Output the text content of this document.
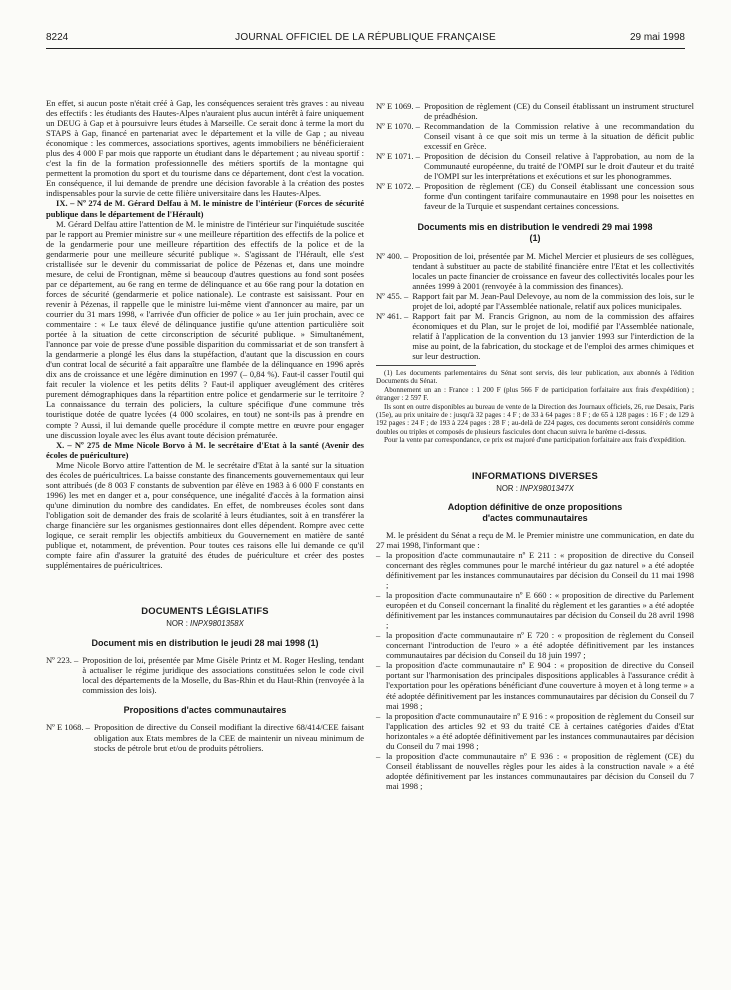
8224	JOURNAL OFFICIEL DE LA RÉPUBLIQUE FRANÇAISE	29 mai 1998

En effet, si aucun poste n'était créé à Gap, les conséquences seraient très graves : au niveau des effectifs : les étudiants des Hautes-Alpes n'auraient plus aucun intérêt à faire uniquement un DEUG à Gap et à poursuivre leurs études à Marseille. Ce serait donc à terme la mort du STAPS à Gap, financé en partenariat avec le département et la ville de Gap ; au niveau économique : les commerces, associations sportives, agents immobiliers ne bénéficieraient plus des 4 000 F par mois que rapporte un étudiant dans le département ; au niveau sportif : c'est la fin de la formation professionnelle des métiers sportifs de la montagne qui permettent la promotion du sport et du tourisme dans ce département, dont c'est la vocation. En conséquence, il lui demande de prendre une décision favorable à la création des postes indispensables pour la survie de cette filière universitaire dans les Hautes-Alpes.

IX. – Nº 274 de M. Gérard Delfau à M. le ministre de l'intérieur (Forces de sécurité publique dans le département de l'Hérault)

M. Gérard Delfau attire l'attention de M. le ministre de l'intérieur sur l'inquiétude suscitée par le rapport au Premier ministre sur « une meilleure répartition des effectifs de la police et de la gendarmerie pour une meilleure répartition des effectifs de la police et de la gendarmerie pour une meilleure sécurité publique ». S'agissant de l'Hérault, elle s'est cristallisée sur le devenir du commissariat de police de Pézenas et, dans une moindre mesure, de celui de Frontignan, même si beaucoup d'autres questions au fond sont posées par ce département, au 6e rang en terme de délinquance et au 66e rang pour la dotation en forces de sécurité (gendarmerie et police nationale). Le contraste est saisissant. Pour en revenir à Pézenas, il rappelle que le ministre lui-même vient d'annoncer au maire, par un courrier du 31 mars 1998, « l'arrivée d'un officier de police » au 1er juin prochain, avec ce commentaire : « Le taux élevé de délinquance justifie qu'une attention particulière soit portée à la situation de cette circonscription de sécurité publique. » Simultanément, l'annonce par voie de presse d'une possible disparition du commissariat et de son transfert à la gendarmerie a plongé les élus dans la stupéfaction, d'autant que la discussion en cours d'un contrat local de sécurité a fait apparaître une flambée de la délinquance en 1996 après dix ans de croissance et une légère diminution en 1997 (– 0,84 %). Faut-il casser l'outil qui fait reculer la violence et les petits délits ? Faut-il appliquer aveuglément des critères purement démographiques dans la répartition entre police et gendarmerie sur le territoire ? La connaissance du terrain des policiers, la culture spécifique d'une commune très touristique dotée de quatre lycées (4 000 scolaires, en tout) ne sont-ils pas à prendre en compte ? Aussi, il lui demande quelle procédure il compte mettre en œuvre pour engager une discussion loyale avec les élus avant toute décision prématurée.

X. – Nº 275 de Mme Nicole Borvo à M. le secrétaire d'Etat à la santé (Avenir des écoles de puériculture)

Mme Nicole Borvo attire l'attention de M. le secrétaire d'Etat à la santé sur la situation des écoles de puéricultrices. La baisse constante des financements gouvernementaux qui leur sont attribués (de 8 003 F constants de subvention par élève en 1983 à 6 000 F constants en 1996) les met en danger et a, pour conséquence, une inégalité d'accès à la formation ainsi qu'une diminution du nombre des candidates. En effet, de nombreuses écoles sont dans l'obligation soit de demander des frais de scolarité à leurs étudiantes, soit à en transférer la charge financière sur les organismes gestionnaires dont elles dépendent. Rompre avec cette logique, ce serait remplir les objectifs ambitieux du Gouvernement en matière de santé publique et, notamment, de prévention. Pour toutes ces raisons elle lui demande ce qu'il compte faire afin d'assurer la gratuité des études de puériculture et créer des postes supplémentaires de puéricultrices.

DOCUMENTS LÉGISLATIFS
NOR : INPX9801358X
Document mis en distribution le jeudi 28 mai 1998 (1)
Nº 223. – Proposition de loi, présentée par Mme Gisèle Printz et M. Roger Hesling, tendant à actualiser le régime juridique des associations constituées selon le code civil local des départements de la Moselle, du Bas-Rhin et du Haut-Rhin (renvoyée à la commission des lois).
Propositions d'actes communautaires
Nº E 1068. – Proposition de directive du Conseil modifiant la directive 68/414/CEE faisant obligation aux Etats membres de la CEE de maintenir un niveau minimum de stocks de pétrole brut et/ou de produits pétroliers.
Nº E 1069. – Proposition de règlement (CE) du Conseil établissant un instrument structurel de préadhésion.
Nº E 1070. – Recommandation de la Commission relative à une recommandation du Conseil visant à ce que soit mis un terme à la situation de déficit public excessif en Grèce.
Nº E 1071. – Proposition de décision du Conseil relative à l'approbation, au nom de la Communauté européenne, du traité de l'OMPI sur le droit d'auteur et du traité de l'OMPI sur les interprétations et exécutions et sur les phonogrammes.
Nº E 1072. – Proposition de règlement (CE) du Conseil établissant une concession sous forme d'un contingent tarifaire communautaire en 1998 pour les noisettes en faveur de la Turquie et suspendant certaines concessions.
Documents mis en distribution le vendredi 29 mai 1998 (1)
Nº 400. – Proposition de loi, présentée par M. Michel Mercier et plusieurs de ses collègues, tendant à substituer au pacte de stabilité financière entre l'Etat et les collectivités locales un pacte financier de croissance en faveur des collectivités locales pour les années 1999 à 2001 (renvoyée à la commission des finances).
Nº 455. – Rapport fait par M. Jean-Paul Delevoye, au nom de la commission des lois, sur le projet de loi, adopté par l'Assemblée nationale, relatif aux polices municipales.
Nº 461. – Rapport fait par M. Francis Grignon, au nom de la commission des affaires économiques et du Plan, sur le projet de loi, modifié par l'Assemblée nationale, relatif à l'application de la convention du 13 janvier 1993 sur l'interdiction de la mise au point, de la fabrication, du stockage et de l'emploi des armes chimiques et sur leur destruction.

(1) Les documents parlementaires du Sénat sont servis, dès leur publication, aux abonnés à l'édition Documents du Sénat.

Abonnement un an : France : 1 200 F (plus 566 F de participation forfaitaire aux frais d'expédition) ; étranger : 2 597 F.

Ils sont en outre disponibles au bureau de vente de la Direction des Journaux officiels, 26, rue Desaix, Paris (15e), au prix unitaire de : jusqu'à 32 pages : 4 F ; de 33 à 64 pages : 8 F ; de 65 à 128 pages : 16 F ; de 129 à 192 pages : 24 F ; de 193 à 224 pages : 28 F ; au-delà de 224 pages, ces documents seront considérés comme doubles ou triples et composés de plusieurs fascicules dont chacun suivra le barème ci-dessus.

Pour la vente par correspondance, ce prix est majoré d'une participation forfaitaire aux frais d'expédition.

INFORMATIONS DIVERSES
NOR : INPX9801347X
Adoption définitive de onze propositions d'actes communautaires

M. le président du Sénat a reçu de M. le Premier ministre une communication, en date du 27 mai 1998, l'informant que :

– la proposition d'acte communautaire nº E 211 : « proposition de directive du Conseil concernant des règles communes pour le marché intérieur du gaz naturel » a été adoptée définitivement par les instances communautaires par décision du Conseil du 11 mai 1998 ;
– la proposition d'acte communautaire nº E 660 : « proposition de directive du Parlement européen et du Conseil concernant la finalité du règlement et les garanties » a été adoptée définitivement par les instances communautaires par décision du Conseil du 28 avril 1998 ;
– la proposition d'acte communautaire nº E 720 : « proposition de règlement du Conseil concernant l'introduction de l'euro » a été adoptée définitivement par les instances communautaires par décision du Conseil du 18 juin 1997 ;
– la proposition d'acte communautaire nº E 904 : « proposition de directive du Conseil portant sur l'harmonisation des principales dispositions applicables à l'assurance crédit à l'exportation pour les opérations bénéficiant d'une couverture à moyen et à long terme » a été adoptée définitivement par les instances communautaires par décision du Conseil du 7 mai 1998 ;
– la proposition d'acte communautaire nº E 916 : « proposition de règlement du Conseil sur l'application des articles 92 et 93 du traité CE à certaines catégories d'aides d'Etat horizontales » a été adoptée définitivement par les instances communautaires par décision du Conseil du 7 mai 1998 ;
– la proposition d'acte communautaire nº E 936 : « proposition de règlement (CE) du Conseil établissant de nouvelles règles pour les aides à la construction navale » a été adoptée définitivement par les instances communautaires par décision du Conseil du 7 mai 1998 ;
